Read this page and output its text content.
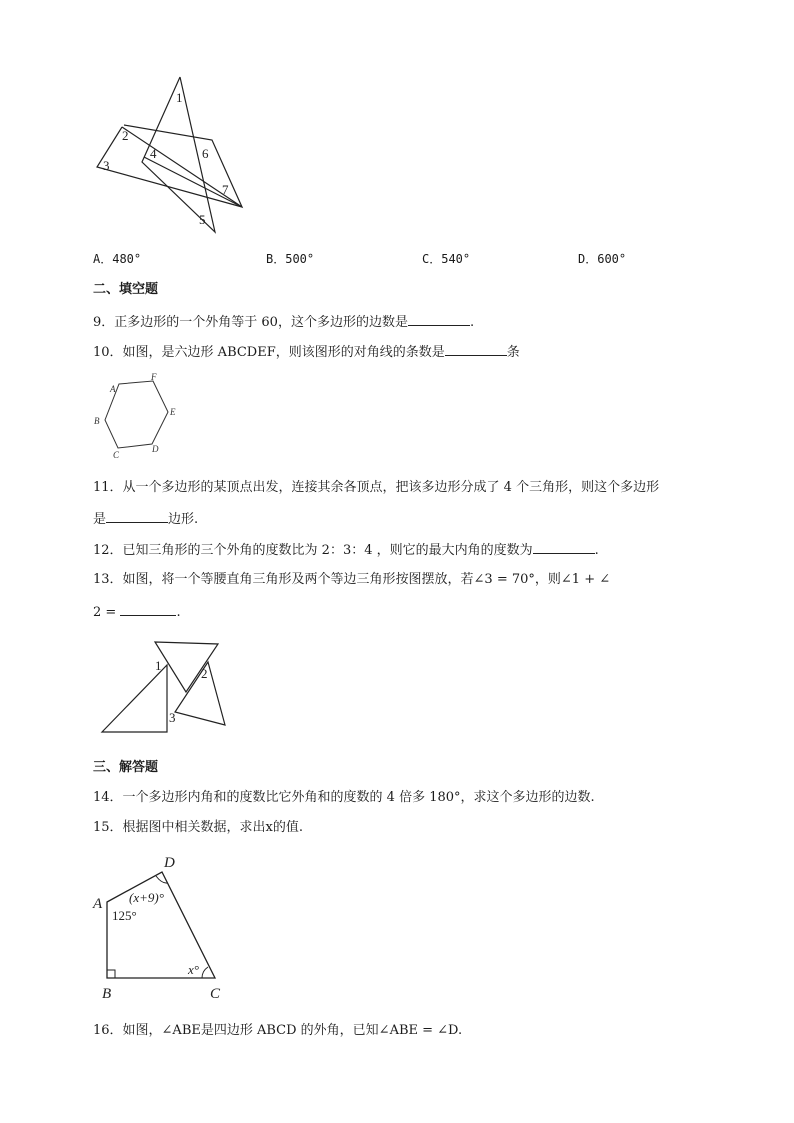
1
2
3
4
5
6
7
A．480°	B．500°	C．540°	D．600°
二、填空题
9．正多边形的一个外角等于 60，这个多边形的边数是	.
10．如图，是六边形 ABCDEF，则该图形的对角线的条数是	条
A
F
E
D
C
B
11．从一个多边形的某顶点出发，连接其余各顶点，把该多边形分成了 4 个三角形，则这个多边形
是	边形.
12．已知三角形的三个外角的度数比为 2：3：4 ，则它的最大内角的度数为	.
13．如图，将一个等腰直角三角形及两个等边三角形按图摆放，若∠3 = 70°，则∠1 + ∠
2 =	.
1
2
3
三、解答题
14．一个多边形内角和的度数比它外角和的度数的 4 倍多 180°，求这个多边形的边数.
15．根据图中相关数据，求出x的值.
D
A
B	C
(x+9)°
125°
x°
16．如图，∠ABE是四边形 ABCD 的外角，已知∠ABE = ∠D.
